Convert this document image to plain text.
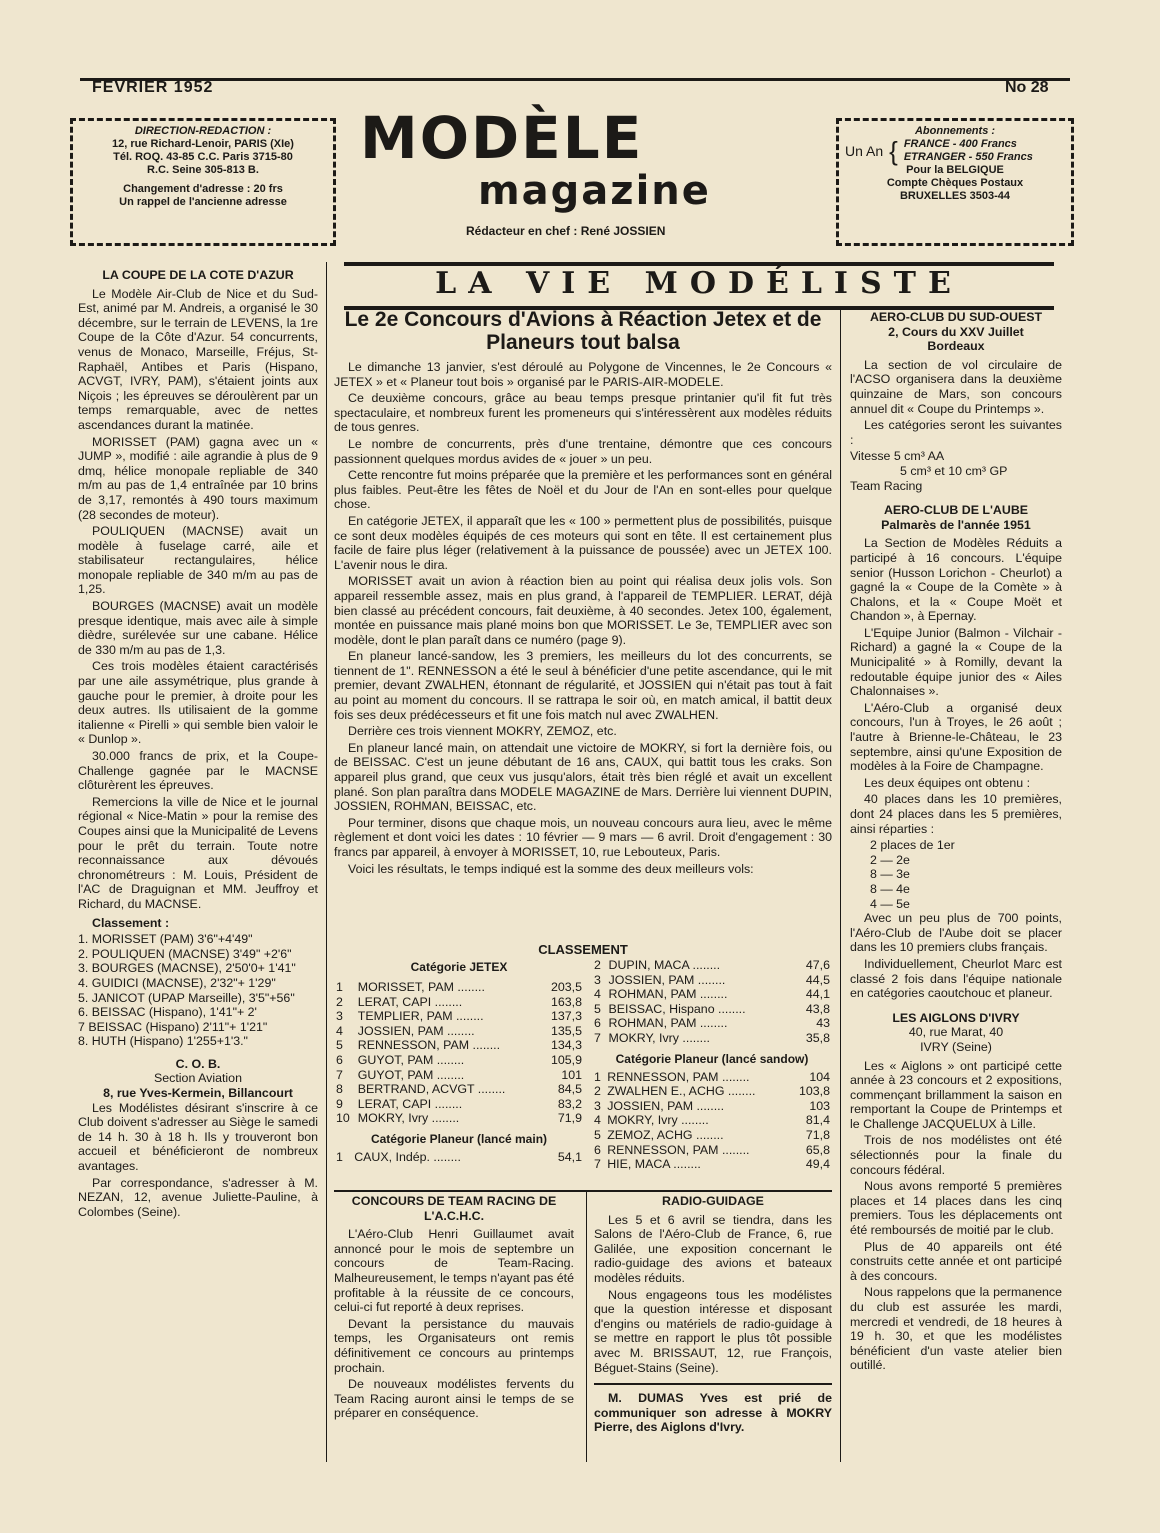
FÉVRIER 1952	No 28
DIRECTION-REDACTION :
12, rue Richard-Lenoir, PARIS (XIe)
Tél. ROQ. 43-85 C.C. Paris 3715-80
R.C. Seine 305-813 B.
Changement d'adresse : 20 frs
Un rappel de l'ancienne adresse
MODÈLE
magazine
Rédacteur en chef : René JOSSIEN
Abonnements :
Un An { FRANCE - 400 Francs
ETRANGER - 550 Francs
Pour la BELGIQUE
Compte Chèques Postaux
BRUXELLES 3503-44
LA VIE MODÉLISTE
LA COUPE DE LA COTE D'AZUR

Le Modèle Air-Club de Nice et du Sud-Est, animé par M. Andreis, a organisé le 30 décembre, sur le terrain de LEVENS, la 1re Coupe de la Côte d'Azur. 54 concurrents, venus de Monaco, Marseille, Fréjus, St-Raphaël, Antibes et Paris (Hispano, ACVGT, IVRY, PAM), s'étaient joints aux Niçois ; les épreuves se déroulèrent par un temps remarquable, avec de nettes ascendances durant la matinée.

MORISSET (PAM) gagna avec un « JUMP », modifié : aile agrandie à plus de 9 dmq, hélice monopale repliable de 340 m/m au pas de 1,4 entraînée par 10 brins de 3,17, remontés à 490 tours maximum (28 secondes de moteur).

POULIQUEN (MACNSE) avait un modèle à fuselage carré, aile et stabilisateur rectangulaires, hélice monopale repliable de 340 m/m au pas de 1,25.

BOURGES (MACNSE) avait un modèle presque identique, mais avec aile à simple dièdre, surélevée sur une cabane. Hélice de 330 m/m au pas de 1,3.

Ces trois modèles étaient caractérisés par une aile assymétrique, plus grande à gauche pour le premier, à droite pour les deux autres. Ils utilisaient de la gomme italienne « Pirelli » qui semble bien valoir le « Dunlop ».

30.000 francs de prix, et la Coupe-Challenge gagnée par le MACNSE clôturèrent les épreuves.

Remercions la ville de Nice et le journal régional « Nice-Matin » pour la remise des Coupes ainsi que la Municipalité de Levens pour le prêt du terrain. Toute notre reconnaissance aux dévoués chronométreurs : M. Louis, Président de l'AC de Draguignan et MM. Jeuffroy et Richard, du MACNSE.

Classement :

1. MORISSET (PAM) 3'6"+4'49"
2. POULIQUEN (MACNSE) 3'49" +2'6"
3. BOURGES (MACNSE), 2'50'0+ 1'41"
4. GUIDICI (MACNSE), 2'32"+ 1'29"
5. JANICOT (UPAP Marseille), 3'5"+56"
6. BEISSAC (Hispano), 1'41"+ 2'
7 BEISSAC (Hispano) 2'11"+ 1'21"
8. HUTH (Hispano) 1'255+1'3."
C. O. B.
Section Aviation
8, rue Yves-Kermein, Billancourt

Les Modélistes désirant s'inscrire à ce Club doivent s'adresser au Siège le samedi de 14 h. 30 à 18 h. Ils y trouveront bon accueil et bénéficieront de nombreux avantages.

Par correspondance, s'adresser à M. NEZAN, 12, avenue Juliette-Pauline, à Colombes (Seine).

Le 2e Concours d'Avions à Réaction Jetex et de Planeurs tout balsa

Le dimanche 13 janvier, s'est déroulé au Polygone de Vincennes, le 2e Concours « JETEX » et « Planeur tout bois » organisé par le PARIS-AIR-MODELE.

Ce deuxième concours, grâce au beau temps presque printanier qu'il fit fut très spectaculaire, et nombreux furent les promeneurs qui s'intéressèrent aux modèles réduits de tous genres.

Le nombre de concurrents, près d'une trentaine, démontre que ces concours passionnent quelques mordus avides de « jouer » un peu.

Cette rencontre fut moins préparée que la première et les performances sont en général plus faibles. Peut-être les fêtes de Noël et du Jour de l'An en sont-elles pour quelque chose.

En catégorie JETEX, il apparaît que les « 100 » permettent plus de possibilités, puisque ce sont deux modèles équipés de ces moteurs qui sont en tête. Il est certainement plus facile de faire plus léger (relativement à la puissance de poussée) avec un JETEX 100. L'avenir nous le dira.

MORISSET avait un avion à réaction bien au point qui réalisa deux jolis vols. Son appareil ressemble assez, mais en plus grand, à l'appareil de TEMPLIER. LERAT, déjà bien classé au précédent concours, fait deuxième, à 40 secondes. Jetex 100, également, montée en puissance mais plané moins bon que MORISSET. Le 3e, TEMPLIER avec son modèle, dont le plan paraît dans ce numéro (page 9).

En planeur lancé-sandow, les 3 premiers, les meilleurs du lot des concurrents, se tiennent de 1". RENNESSON a été le seul à bénéficier d'une petite ascendance, qui le mit premier, devant ZWALHEN, étonnant de régularité, et JOSSIEN qui n'était pas tout à fait au point au moment du concours. Il se rattrapa le soir où, en match amical, il battit deux fois ses deux prédécesseurs et fit une fois match nul avec ZWALHEN.

Derrière ces trois viennent MOKRY, ZEMOZ, etc.

En planeur lancé main, on attendait une victoire de MOKRY, si fort la dernière fois, ou de BEISSAC. C'est un jeune débutant de 16 ans, CAUX, qui battit tous les craks. Son appareil plus grand, que ceux vus jusqu'alors, était très bien réglé et avait un excellent plané. Son plan paraîtra dans MODELE MAGAZINE de Mars. Derrière lui viennent DUPIN, JOSSIEN, ROHMAN, BEISSAC, etc.

Pour terminer, disons que chaque mois, un nouveau concours aura lieu, avec le même règlement et dont voici les dates : 10 février — 9 mars — 6 avril. Droit d'engagement : 30 francs par appareil, à envoyer à MORISSET, 10, rue Lebouteux, Paris.

Voici les résultats, le temps indiqué est la somme des deux meilleurs vols:

CLASSEMENT
Catégorie JETEX
1	MORISSET, PAM ........	203,5
2	LERAT, CAPI ........	163,8
3	TEMPLIER, PAM ........	137,3
4	JOSSIEN, PAM ........	135,5
5	RENNESSON, PAM ........	134,3
6	GUYOT, PAM ........	105,9
7	GUYOT, PAM ........	101
8	BERTRAND, ACVGT ........	84,5
9	LERAT, CAPI ........	83,2
10	MOKRY, Ivry ........	71,9
Catégorie Planeur (lancé main)
1	CAUX, Indép. ........	54,1
2	DUPIN, MACA ........	47,6
3	JOSSIEN, PAM ........	44,5
4	ROHMAN, PAM ........	44,1
5	BEISSAC, Hispano ........	43,8
6	ROHMAN, PAM ........	43
7	MOKRY, Ivry ........	35,8
Catégorie Planeur (lancé sandow)
1	RENNESSON, PAM ........	104
2	ZWALHEN E., ACHG ........	103,8
3	JOSSIEN, PAM ........	103
4	MOKRY, Ivry ........	81,4
5	ZEMOZ, ACHG ........	71,8
6	RENNESSON, PAM ........	65,8
7	HIE, MACA ........	49,4
CONCOURS DE TEAM RACING DE L'A.C.H.C.

L'Aéro-Club Henri Guillaumet avait annoncé pour le mois de septembre un concours de Team-Racing. Malheureusement, le temps n'ayant pas été profitable à la réussite de ce concours, celui-ci fut reporté à deux reprises.

Devant la persistance du mauvais temps, les Organisateurs ont remis définitivement ce concours au printemps prochain.

De nouveaux modélistes fervents du Team Racing auront ainsi le temps de se préparer en conséquence.

RADIO-GUIDAGE

Les 5 et 6 avril se tiendra, dans les Salons de l'Aéro-Club de France, 6, rue Galilée, une exposition concernant le radio-guidage des avions et bateaux modèles réduits.

Nous engageons tous les modélistes que la question intéresse et disposant d'engins ou matériels de radio-guidage à se mettre en rapport le plus tôt possible avec M. BRISSAUT, 12, rue François, Béguet-Stains (Seine).

M. DUMAS Yves est prié de communiquer son adresse à MOKRY Pierre, des Aiglons d'Ivry.

AERO-CLUB DU SUD-OUEST
2, Cours du XXV Juillet
Bordeaux

La section de vol circulaire de l'ACSO organisera dans la deuxième quinzaine de Mars, son concours annuel dit « Coupe du Printemps ».

Les catégories seront les suivantes :

Vitesse 5 cm³ AA
5 cm³ et 10 cm³ GP
Team Racing
AERO-CLUB DE L'AUBE
Palmarès de l'année 1951

La Section de Modèles Réduits a participé à 16 concours. L'équipe senior (Husson Lorichon - Cheurlot) a gagné la « Coupe de la Comète » à Chalons, et la « Coupe Moët et Chandon », à Epernay.

L'Equipe Junior (Balmon - Vilchair - Richard) a gagné la « Coupe de la Municipalité » à Romilly, devant la redoutable équipe junior des « Ailes Chalonnaises ».

L'Aéro-Club a organisé deux concours, l'un à Troyes, le 26 août ; l'autre à Brienne-le-Château, le 23 septembre, ainsi qu'une Exposition de modèles à la Foire de Champagne.

Les deux équipes ont obtenu :

40 places dans les 10 premières, dont 24 places dans les 5 premières, ainsi réparties :

2 places de 1er
2 — 2e
8 — 3e
8 — 4e
4 — 5e

Avec un peu plus de 700 points, l'Aéro-Club de l'Aube doit se placer dans les 10 premiers clubs français.

Individuellement, Cheurlot Marc est classé 2 fois dans l'équipe nationale en catégories caoutchouc et planeur.

LES AIGLONS D'IVRY
40, rue Marat, 40
IVRY (Seine)

Les « Aiglons » ont participé cette année à 23 concours et 2 expositions, commençant brillamment la saison en remportant la Coupe de Printemps et le Challenge JACQUELUX à Lille.

Trois de nos modélistes ont été sélectionnés pour la finale du concours fédéral.

Nous avons remporté 5 premières places et 14 places dans les cinq premiers. Tous les déplacements ont été remboursés de moitié par le club.

Plus de 40 appareils ont été construits cette année et ont participé à des concours.

Nous rappelons que la permanence du club est assurée les mardi, mercredi et vendredi, de 18 heures à 19 h. 30, et que les modélistes bénéficient d'un vaste atelier bien outillé.
